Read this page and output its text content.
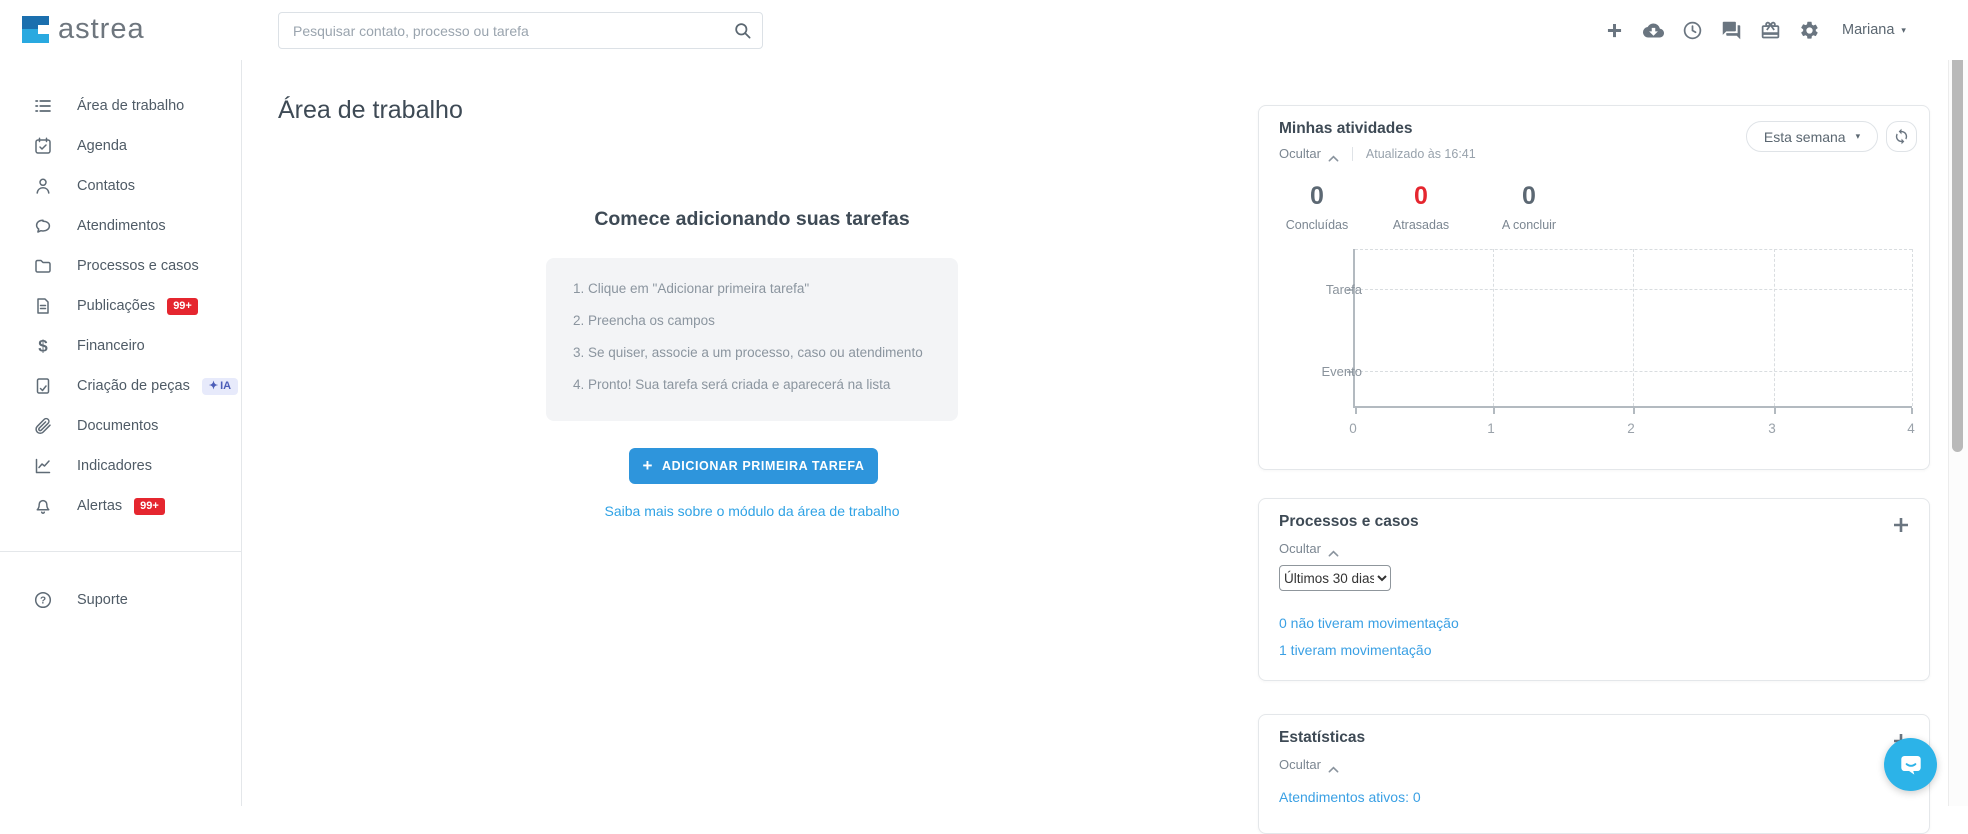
astrea
Pesquisar contato, processo ou tarefa	Mariana ▾
Área de trabalho
Agenda
Contatos
Atendimentos
Processos e casos
Publicações	99+
$ Financeiro
Criação de peças	✦ IA
Documentos
Indicadores
Alertas	99+
? Suporte
Área de trabalho
Comece adicionando suas tarefas
1. Clique em "Adicionar primeira tarefa"
2. Preencha os campos
3. Se quiser, associe a um processo, caso ou atendimento
4. Pronto! Sua tarefa será criada e aparecerá na lista
+ ADICIONAR PRIMEIRA TAREFA
Saiba mais sobre o módulo da área de trabalho
Minhas atividades
Ocultar	Atualizado às 16:41
Esta semana ▾
0
Concluídas
0
Atrasadas
0
A concluir
Tarefa
Evento
0	1	2	3	4
Processos e casos
Ocultar
Últimos 30 dias
0 não tiveram movimentação
1 tiveram movimentação
Estatísticas
Ocultar
Atendimentos ativos: 0
